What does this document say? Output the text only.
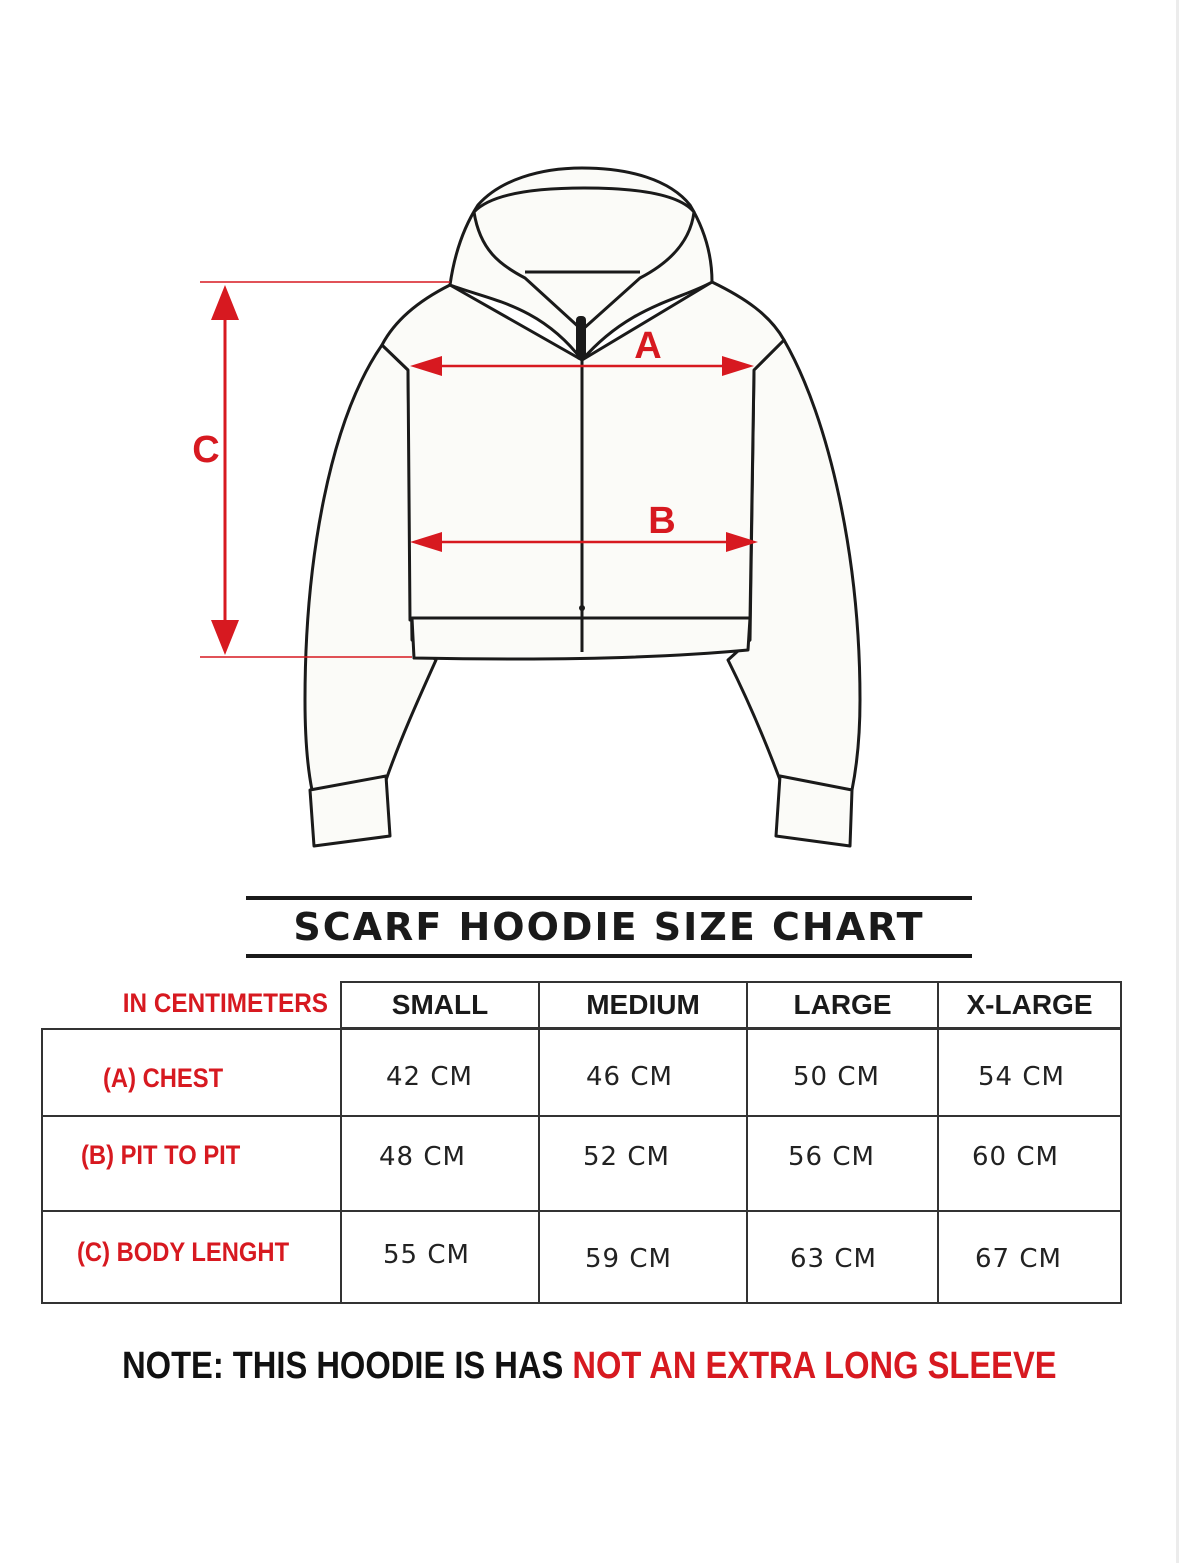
C
A
B
SCARF HOODIE SIZE CHART
IN CENTIMETERS	SMALL	MEDIUM	LARGE	X-LARGE
(A) CHEST	42 CM	46 CM	50 CM	54 CM
(B) PIT TO PIT	48 CM	52 CM	56 CM	60 CM
(C) BODY LENGHT	55 CM	59 CM	63 CM	67 CM
NOTE: THIS HOODIE IS HAS NOT AN EXTRA LONG SLEEVE
